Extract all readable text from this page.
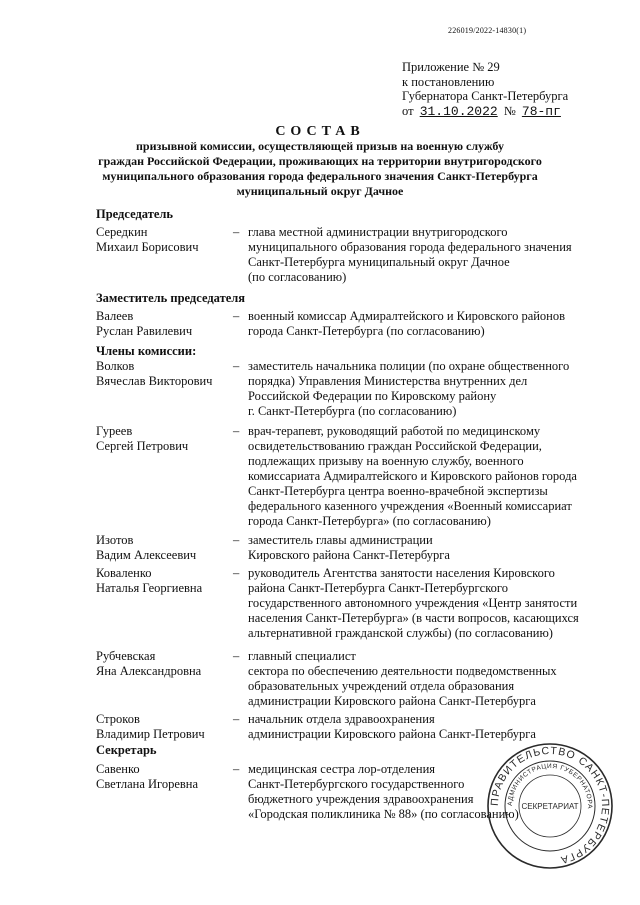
226019/2022-14830(1)
Приложение № 29
к постановлению
Губернатора Санкт-Петербурга
от 31.10.2022 № 78-пг
СОСТАВ
призывной комиссии, осуществляющей призыв на военную службу
граждан Российской Федерации, проживающих на территории внутригородского
муниципального образования города федерального значения Санкт-Петербурга
муниципальный округ Дачное
Председатель
Середкин
Михаил Борисович
– глава местной администрации внутригородского
муниципального образования города федерального значения
Санкт-Петербурга муниципальный округ Дачное
(по согласованию)
Заместитель председателя
Валеев
Руслан Равилевич
– военный комиссар Адмиралтейского и Кировского районов
города Санкт-Петербурга (по согласованию)
Члены комиссии:
Волков
Вячеслав Викторович
– заместитель начальника полиции (по охране общественного
порядка) Управления Министерства внутренних дел
Российской Федерации по Кировскому району
г. Санкт-Петербурга (по согласованию)
Гуреев
Сергей Петрович
– врач-терапевт, руководящий работой по медицинскому
освидетельствованию граждан Российской Федерации,
подлежащих призыву на военную службу, военного
комиссариата Адмиралтейского и Кировского районов города
Санкт-Петербурга центра военно-врачебной экспертизы
федерального казенного учреждения «Военный комиссариат
города Санкт-Петербурга» (по согласованию)
Изотов
Вадим Алексеевич
– заместитель главы администрации
Кировского района Санкт-Петербурга
Коваленко
Наталья Георгиевна
– руководитель Агентства занятости населения Кировского
района Санкт-Петербурга Санкт-Петербургского
государственного автономного учреждения «Центр занятости
населения Санкт-Петербурга» (в части вопросов, касающихся
альтернативной гражданской службы) (по согласованию)
Рубчевская
Яна Александровна
– главный специалист
сектора по обеспечению деятельности подведомственных
образовательных учреждений отдела образования
администрации Кировского района Санкт-Петербурга
Строков
Владимир Петрович
– начальник отдела здравоохранения
администрации Кировского района Санкт-Петербурга
Секретарь
Савенко
Светлана Игоревна
– медицинская сестра лор-отделения
Санкт-Петербургского государственного
бюджетного учреждения здравоохранения
«Городская поликлиника № 88» (по согласованию)
ПРАВИТЕЛЬСТВО САНКТ-ПЕТЕРБУРГА
АДМИНИСТРАЦИЯ ГУБЕРНАТОРА
СЕКРЕТАРИАТ
